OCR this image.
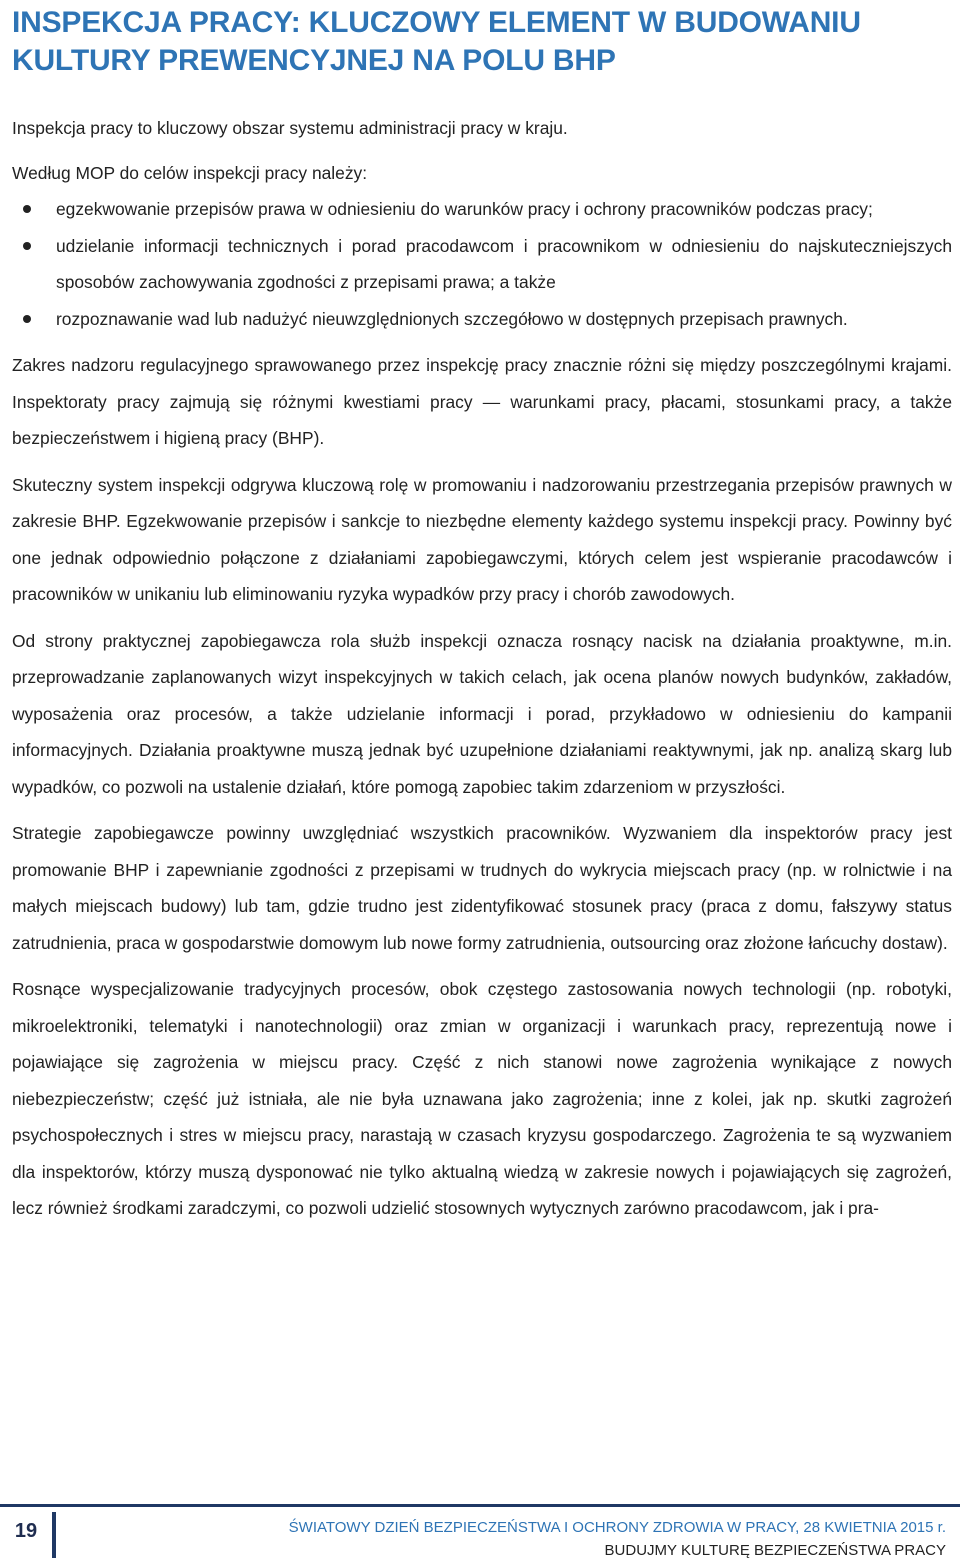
INSPEKCJA PRACY: KLUCZOWY ELEMENT W BUDOWANIU KULTURY PREWENCYJNEJ NA POLU BHP

Inspekcja pracy to kluczowy obszar systemu administracji pracy w kraju.

Według MOP do celów inspekcji pracy należy:

egzekwowanie przepisów prawa w odniesieniu do warunków pracy i ochrony pracowników podczas pracy;
udzielanie informacji technicznych i porad pracodawcom i pracownikom w odniesieniu do najskuteczniejszych sposobów zachowywania zgodności z przepisami prawa; a także
rozpoznawanie wad lub nadużyć nieuwzględnionych szczegółowo w dostępnych przepisach prawnych.

Zakres nadzoru regulacyjnego sprawowanego przez inspekcję pracy znacznie różni się między poszczególnymi krajami. Inspektoraty pracy zajmują się różnymi kwestiami pracy — warunkami pracy, płacami, stosunkami pracy, a także bezpieczeństwem i higieną pracy (BHP).

Skuteczny system inspekcji odgrywa kluczową rolę w promowaniu i nadzorowaniu przestrzegania przepisów prawnych w zakresie BHP. Egzekwowanie przepisów i sankcje to niezbędne elementy każdego systemu inspekcji pracy. Powinny być one jednak odpowiednio połączone z działaniami zapobiegawczymi, których celem jest wspieranie pracodawców i pracowników w unikaniu lub eliminowaniu ryzyka wypadków przy pracy i chorób zawodowych.

Od strony praktycznej zapobiegawcza rola służb inspekcji oznacza rosnący nacisk na działania proaktywne, m.in. przeprowadzanie zaplanowanych wizyt inspekcyjnych w takich celach, jak ocena planów nowych budynków, zakładów, wyposażenia oraz procesów, a także udzielanie informacji i porad, przykładowo w odniesieniu do kampanii informacyjnych. Działania proaktywne muszą jednak być uzupełnione działaniami reaktywnymi, jak np. analizą skarg lub wypadków, co pozwoli na ustalenie działań, które pomogą zapobiec takim zdarzeniom w przyszłości.

Strategie zapobiegawcze powinny uwzględniać wszystkich pracowników. Wyzwaniem dla inspektorów pracy jest promowanie BHP i zapewnianie zgodności z przepisami w trudnych do wykrycia miejscach pracy (np. w rolnictwie i na małych miejscach budowy) lub tam, gdzie trudno jest zidentyfikować stosunek pracy (praca z domu, fałszywy status zatrudnienia, praca w gospodarstwie domowym lub nowe formy zatrudnienia, outsourcing oraz złożone łańcuchy dostaw).

Rosnące wyspecjalizowanie tradycyjnych procesów, obok częstego zastosowania nowych technologii (np. robotyki, mikroelektroniki, telematyki i nanotechnologii) oraz zmian w organizacji i warunkach pracy, reprezentują nowe i pojawiające się zagrożenia w miejscu pracy. Część z nich stanowi nowe zagrożenia wynikające z nowych niebezpieczeństw; część już istniała, ale nie była uznawana jako zagrożenia; inne z kolei, jak np. skutki zagrożeń psychospołecznych i stres w miejscu pracy, narastają w czasach kryzysu gospodarczego. Zagrożenia te są wyzwaniem dla inspektorów, którzy muszą dysponować nie tylko aktualną wiedzą w zakresie nowych i pojawiających się zagrożeń, lecz również środkami zaradczymi, co pozwoli udzielić stosownych wytycznych zarówno pracodawcom, jak i pra-

19	ŚWIATOWY DZIEŃ BEZPIECZEŃSTWA I OCHRONY ZDROWIA W PRACY, 28 KWIETNIA 2015 r.
BUDUJMY KULTURĘ BEZPIECZEŃSTWA PRACY
